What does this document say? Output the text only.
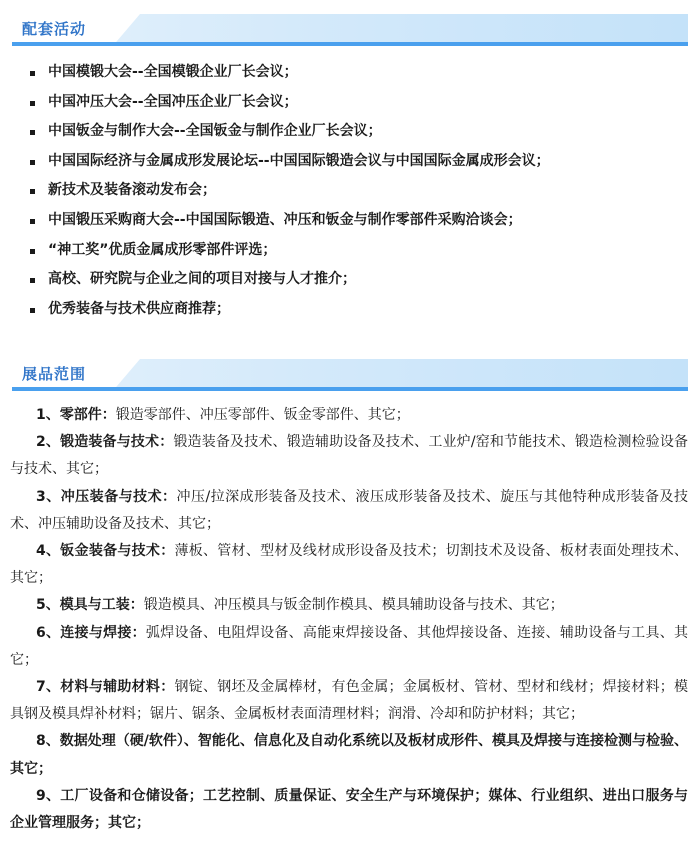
配套活动
中国模锻大会--全国模锻企业厂长会议；
中国冲压大会--全国冲压企业厂长会议；
中国钣金与制作大会--全国钣金与制作企业厂长会议；
中国国际经济与金属成形发展论坛--中国国际锻造会议与中国国际金属成形会议；
新技术及装备滚动发布会；
中国锻压采购商大会--中国国际锻造、冲压和钣金与制作零部件采购洽谈会；
“神工奖”优质金属成形零部件评选；
高校、研究院与企业之间的项目对接与人才推介；
优秀装备与技术供应商推荐；
展品范围

1、零部件：锻造零部件、冲压零部件、钣金零部件、其它；

2、锻造装备与技术：锻造装备及技术、锻造辅助设备及技术、工业炉/窑和节能技术、锻造检测检验设备与技术、其它；

3、冲压装备与技术：冲压/拉深成形装备及技术、液压成形装备及技术、旋压与其他特种成形装备及技术、冲压辅助设备及技术、其它；

4、钣金装备与技术：薄板、管材、型材及线材成形设备及技术；切割技术及设备、板材表面处理技术、其它；

5、模具与工装：锻造模具、冲压模具与钣金制作模具、模具辅助设备与技术、其它；

6、连接与焊接：弧焊设备、电阻焊设备、高能束焊接设备、其他焊接设备、连接、辅助设备与工具、其它；

7、材料与辅助材料：钢锭、钢坯及金属棒材，有色金属；金属板材、管材、型材和线材；焊接材料；模具钢及模具焊补材料；锯片、锯条、金属板材表面清理材料；润滑、冷却和防护材料；其它；

8、数据处理（硬/软件）、智能化、信息化及自动化系统以及板材成形件、模具及焊接与连接检测与检验、其它；

9、工厂设备和仓储设备；工艺控制、质量保证、安全生产与环境保护；媒体、行业组织、进出口服务与企业管理服务；其它；
